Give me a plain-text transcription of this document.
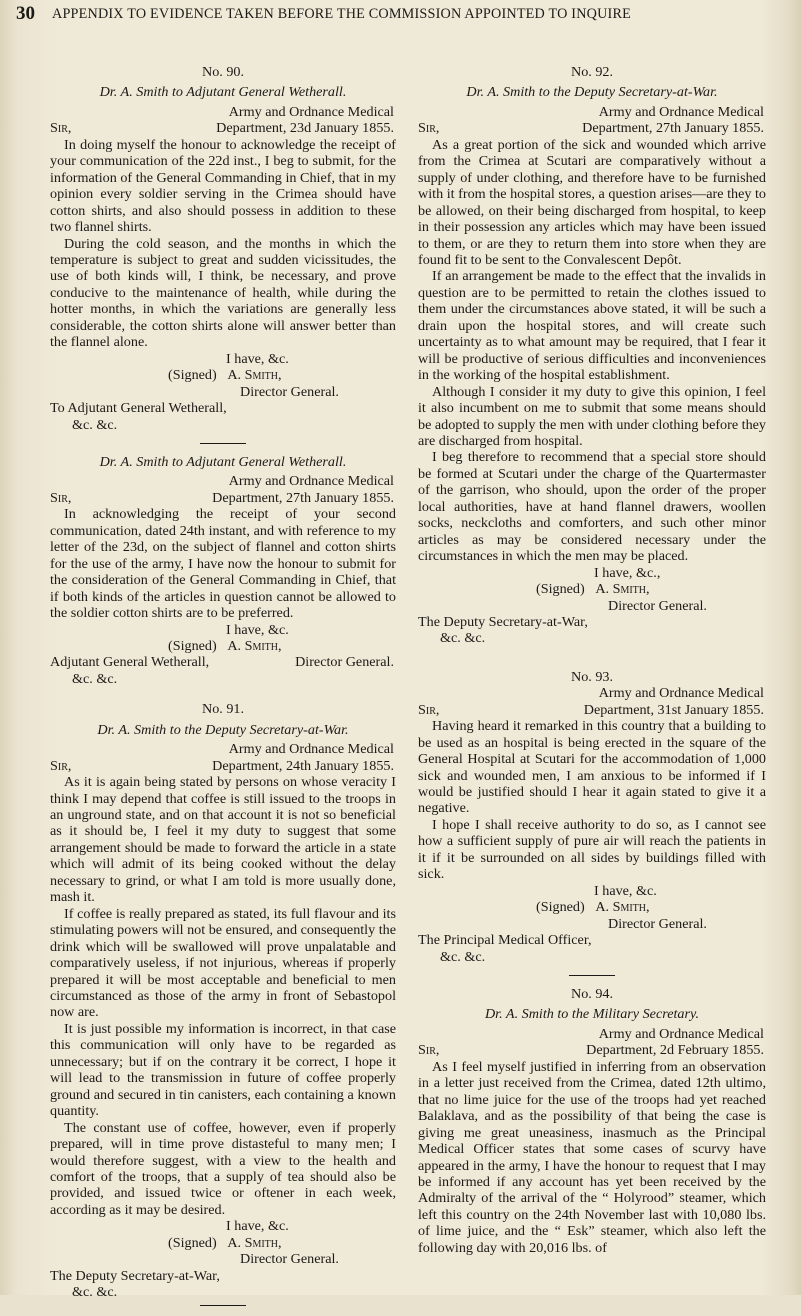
30 APPENDIX TO EVIDENCE TAKEN BEFORE THE COMMISSION APPOINTED TO INQUIRE

No. 90.

Dr. A. Smith to Adjutant General Wetherall.

Army and Ordnance Medical

Sir,	Department, 23d January 1855.

In doing myself the honour to acknowledge the receipt of your communication of the 22d inst., I beg to submit, for the information of the General Commanding in Chief, that in my opinion every soldier serving in the Crimea should have cotton shirts, and also should possess in addition to these two flannel shirts.

During the cold season, and the months in which the temperature is subject to great and sudden vicissitudes, the use of both kinds will, I think, be necessary, and prove conducive to the maintenance of health, while during the hotter months, in which the variations are generally less considerable, the cotton shirts alone will answer better than the flannel alone.

I have, &c.

(Signed) A. Smith,

Director General.

To Adjutant General Wetherall,

&c. &c.

Dr. A. Smith to Adjutant General Wetherall.

Army and Ordnance Medical

Sir,	Department, 27th January 1855.

In acknowledging the receipt of your second communication, dated 24th instant, and with reference to my letter of the 23d, on the subject of flannel and cotton shirts for the use of the army, I have now the honour to submit for the consideration of the General Commanding in Chief, that if both kinds of the articles in question cannot be allowed to the soldier cotton shirts are to be preferred.

I have, &c.

(Signed) A. Smith,

Adjutant General Wetherall,	Director General.

&c. &c.

No. 91.

Dr. A. Smith to the Deputy Secretary-at-War.

Army and Ordnance Medical

Sir,	Department, 24th January 1855.

As it is again being stated by persons on whose veracity I think I may depend that coffee is still issued to the troops in an unground state, and on that account it is not so beneficial as it should be, I feel it my duty to suggest that some arrangement should be made to forward the article in a state which will admit of its being cooked without the delay necessary to grind, or what I am told is more usually done, mash it.

If coffee is really prepared as stated, its full flavour and its stimulating powers will not be ensured, and consequently the drink which will be swallowed will prove unpalatable and comparatively useless, if not injurious, whereas if properly prepared it will be most acceptable and beneficial to men circumstanced as those of the army in front of Sebastopol now are.

It is just possible my information is incorrect, in that case this communication will only have to be regarded as unnecessary; but if on the contrary it be correct, I hope it will lead to the transmission in future of coffee properly ground and secured in tin canisters, each containing a known quantity.

The constant use of coffee, however, even if properly prepared, will in time prove distasteful to many men; I would therefore suggest, with a view to the health and comfort of the troops, that a supply of tea should also be provided, and issued twice or oftener in each week, according as it may be desired.

I have, &c.

(Signed) A. Smith,

Director General.

The Deputy Secretary-at-War,

&c. &c.

No. 92.

Dr. A. Smith to the Deputy Secretary-at-War.

Army and Ordnance Medical

Sir,	Department, 27th January 1855.

As a great portion of the sick and wounded which arrive from the Crimea at Scutari are comparatively without a supply of under clothing, and therefore have to be furnished with it from the hospital stores, a question arises—are they to be allowed, on their being discharged from hospital, to keep in their possession any articles which may have been issued to them, or are they to return them into store when they are found fit to be sent to the Convalescent Depôt.

If an arrangement be made to the effect that the invalids in question are to be permitted to retain the clothes issued to them under the circumstances above stated, it will be such a drain upon the hospital stores, and will create such uncertainty as to what amount may be required, that I fear it will be productive of serious difficulties and inconveniences in the working of the hospital establishment.

Although I consider it my duty to give this opinion, I feel it also incumbent on me to submit that some means should be adopted to supply the men with under clothing before they are discharged from hospital.

I beg therefore to recommend that a special store should be formed at Scutari under the charge of the Quartermaster of the garrison, who should, upon the order of the proper local authorities, have at hand flannel drawers, woollen socks, neckcloths and comforters, and such other minor articles as may be considered necessary under the circumstances in which the men may be placed.

I have, &c.,

(Signed) A. Smith,

Director General.

The Deputy Secretary-at-War,

&c. &c.

No. 93.

Army and Ordnance Medical

Sir,	Department, 31st January 1855.

Having heard it remarked in this country that a building to be used as an hospital is being erected in the square of the General Hospital at Scutari for the accommodation of 1,000 sick and wounded men, I am anxious to be informed if I would be justified should I hear it again stated to give it a negative.

I hope I shall receive authority to do so, as I cannot see how a sufficient supply of pure air will reach the patients in it if it be surrounded on all sides by buildings filled with sick.

I have, &c.

(Signed) A. Smith,

Director General.

The Principal Medical Officer,

&c. &c.

No. 94.

Dr. A. Smith to the Military Secretary.

Army and Ordnance Medical

Sir,	Department, 2d February 1855.

As I feel myself justified in inferring from an observation in a letter just received from the Crimea, dated 12th ultimo, that no lime juice for the use of the troops had yet reached Balaklava, and as the possibility of that being the case is giving me great uneasiness, inasmuch as the Principal Medical Officer states that some cases of scurvy have appeared in the army, I have the honour to request that I may be informed if any account has yet been received by the Admiralty of the arrival of the “ Holyrood” steamer, which left this country on the 24th November last with 10,080 lbs. of lime juice, and the “ Esk” steamer, which also left the following day with 20,016 lbs. of
